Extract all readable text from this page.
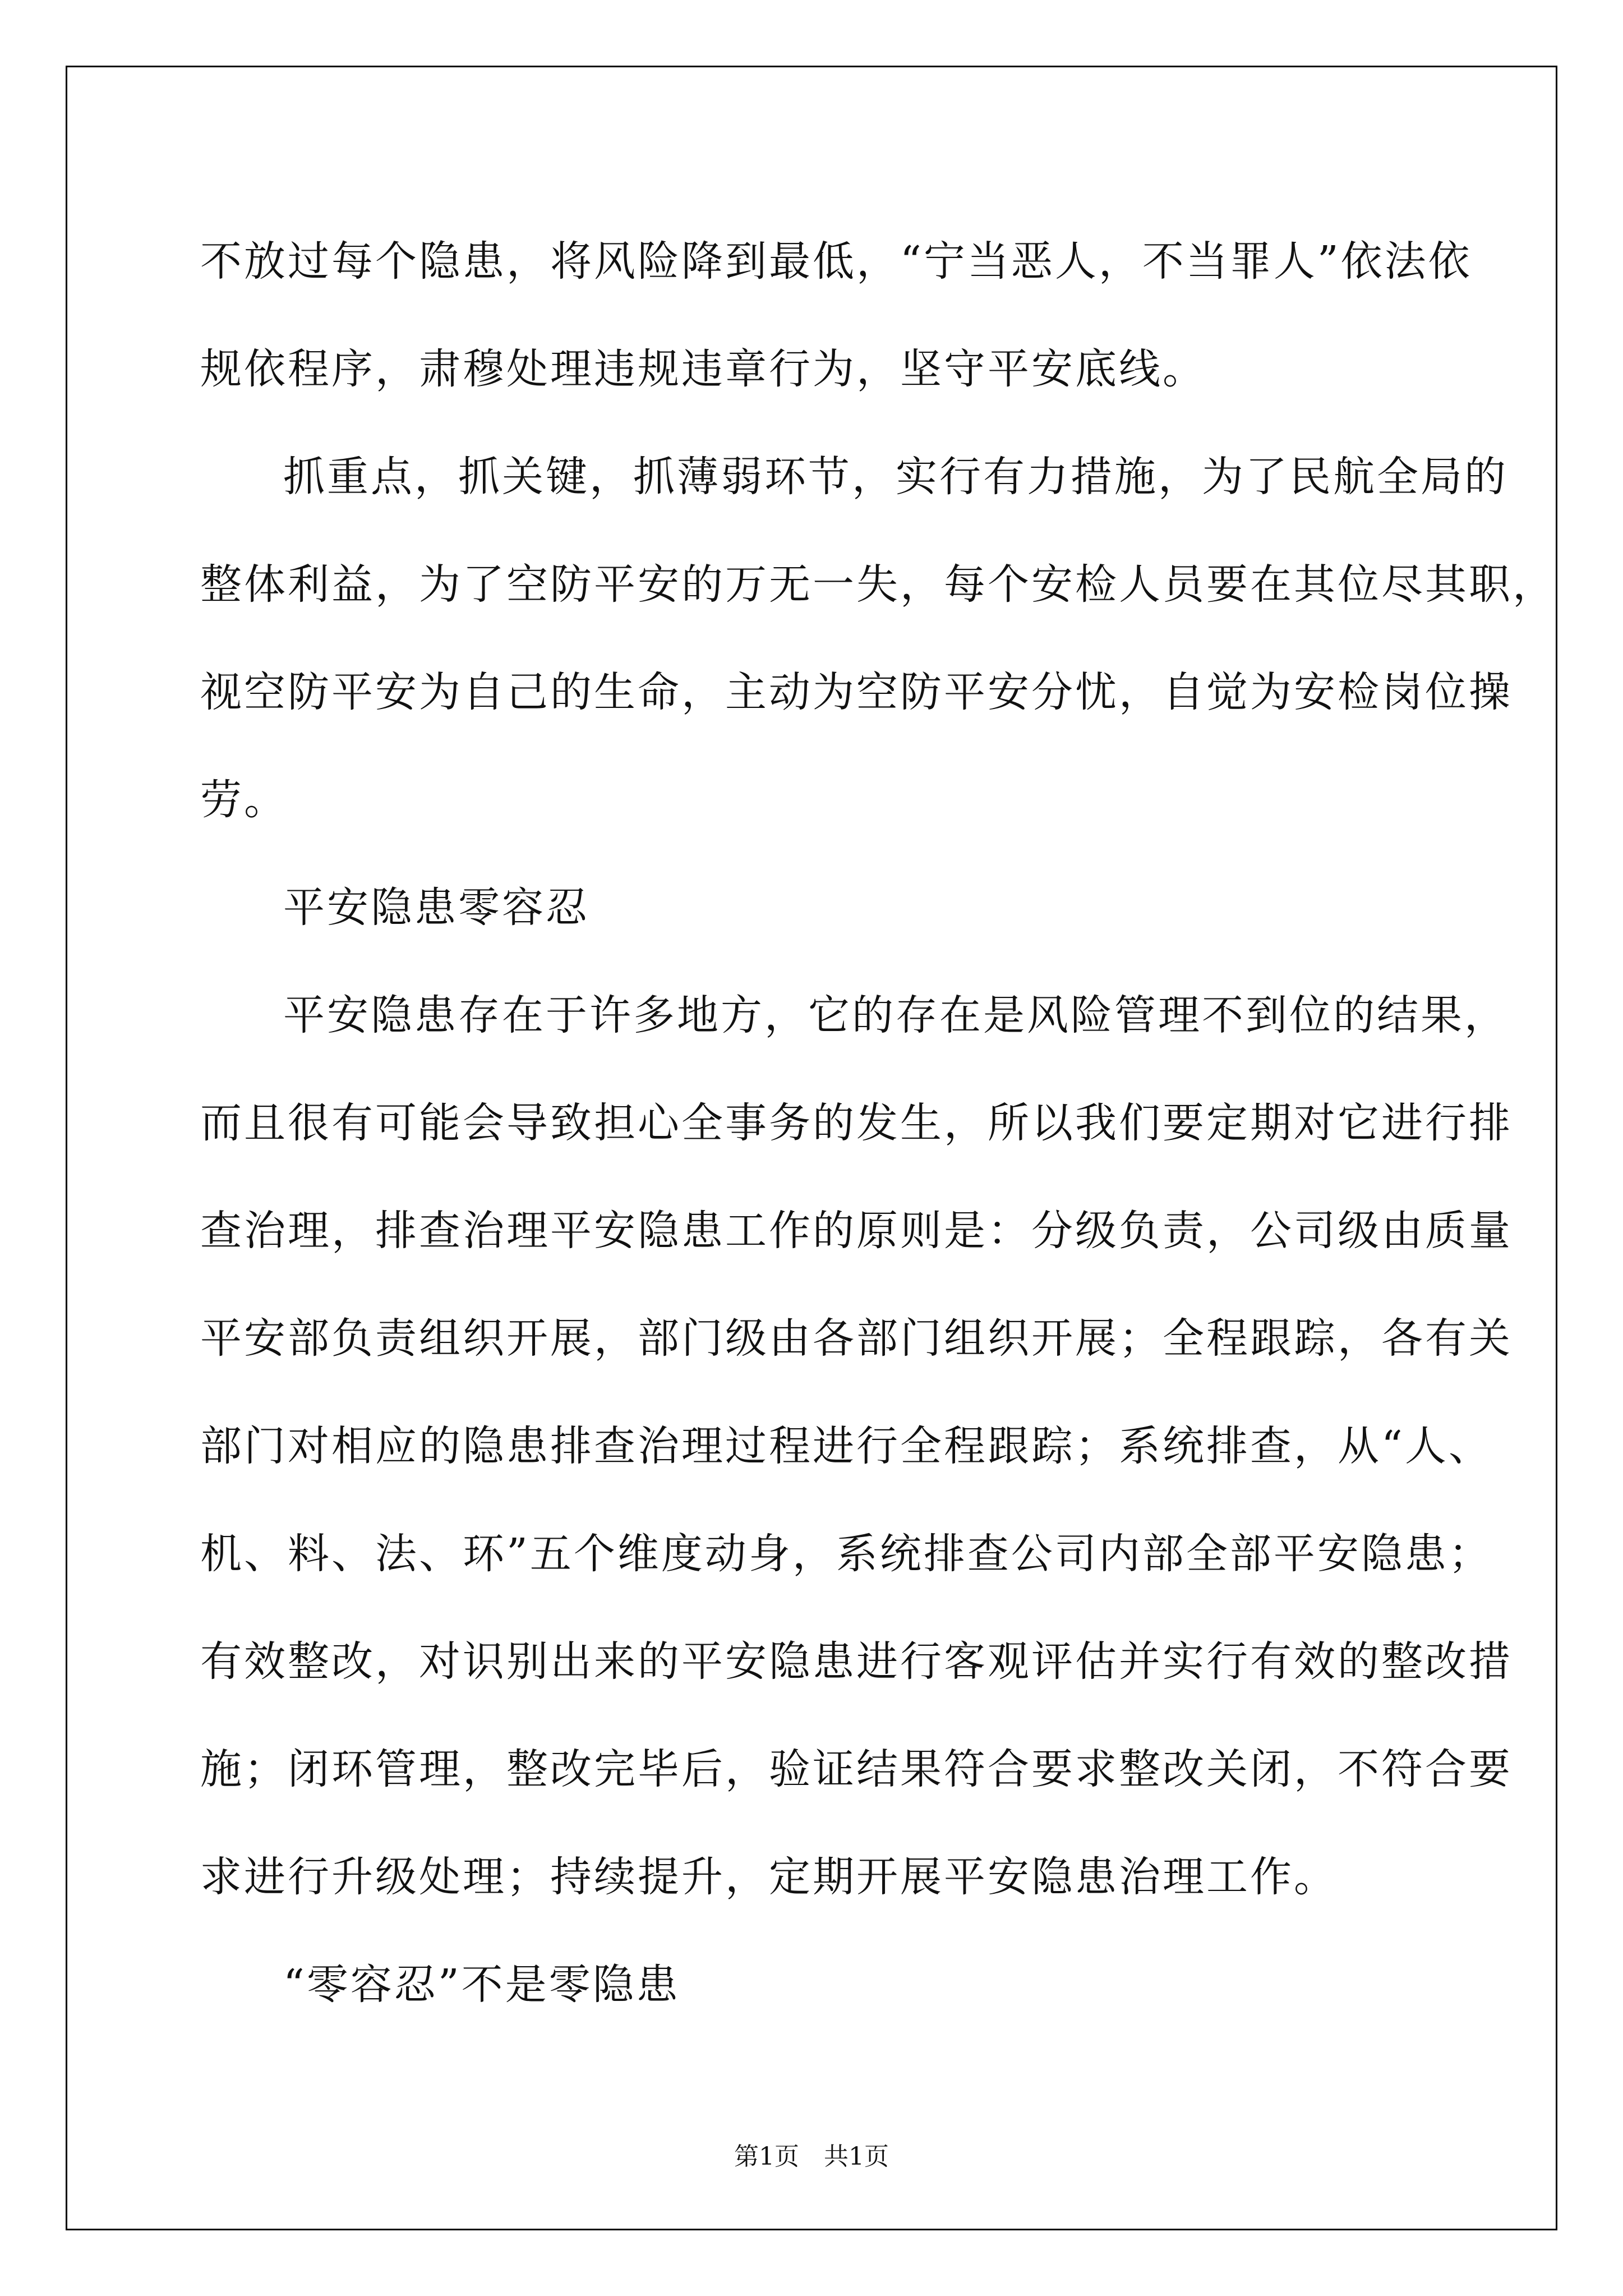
不放过每个隐患，将风险降到最低，“宁当恶人，不当罪人”依法依
规依程序，肃穆处理违规违章行为，坚守平安底线。
抓重点，抓关键，抓薄弱环节，实行有力措施，为了民航全局的
整体利益，为了空防平安的万无一失，每个安检人员要在其位尽其职，
视空防平安为自己的生命，主动为空防平安分忧，自觉为安检岗位操
劳。
平安隐患零容忍
平安隐患存在于许多地方，它的存在是风险管理不到位的结果，
而且很有可能会导致担心全事务的发生，所以我们要定期对它进行排
查治理，排查治理平安隐患工作的原则是：分级负责，公司级由质量
平安部负责组织开展，部门级由各部门组织开展；全程跟踪，各有关
部门对相应的隐患排查治理过程进行全程跟踪；系统排查，从“人、
机、料、法、环”五个维度动身，系统排查公司内部全部平安隐患；
有效整改，对识别出来的平安隐患进行客观评估并实行有效的整改措
施；闭环管理，整改完毕后，验证结果符合要求整改关闭，不符合要
求进行升级处理；持续提升，定期开展平安隐患治理工作。
“零容忍”不是零隐患
第1页 共1页
